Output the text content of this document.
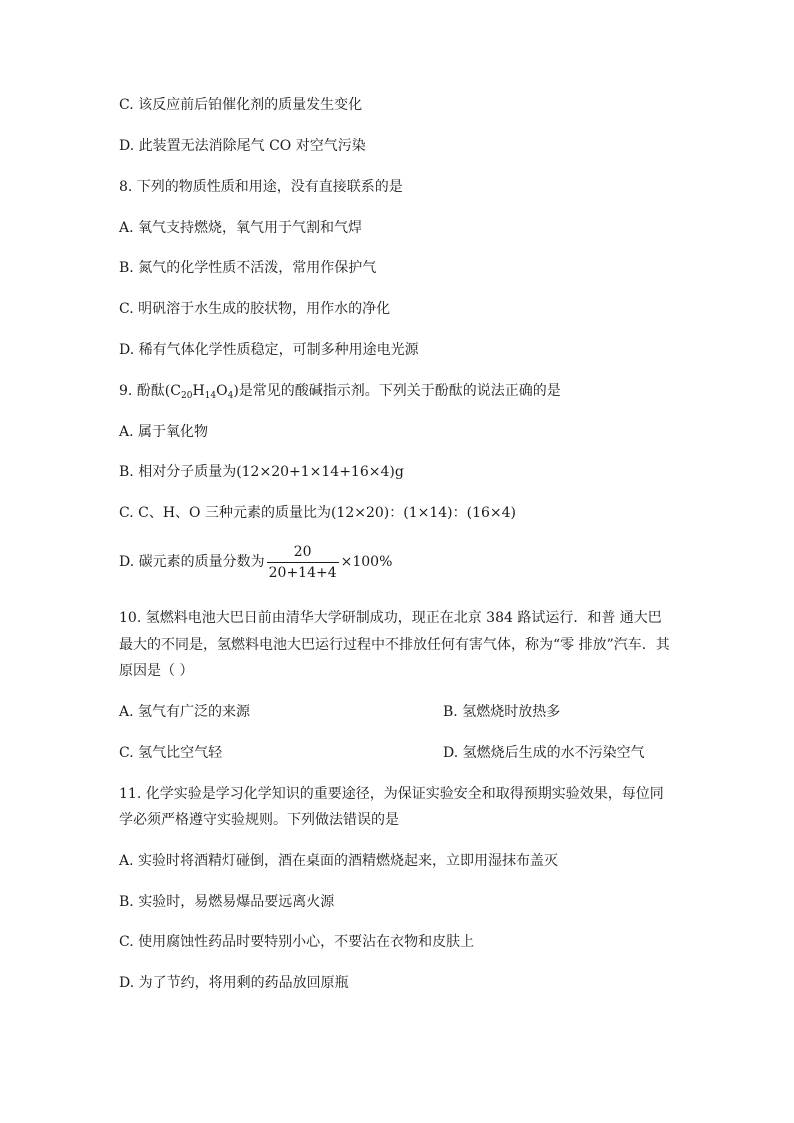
C. 该反应前后铂催化剂的质量发生变化
D. 此装置无法消除尾气 CO 对空气污染
8. 下列的物质性质和用途，没有直接联系的是
A. 氧气支持燃烧，氧气用于气割和气焊
B. 氮气的化学性质不活泼，常用作保护气
C. 明矾溶于水生成的胶状物，用作水的净化
D. 稀有气体化学性质稳定，可制多种用途电光源
9. 酚酞$(C_{20}H_{14}O_4)$是常见的酸碱指示剂。下列关于酚酞的说法正确的是
A. 属于氧化物
B. 相对分子质量为(12×20+1×14+16×4)g
C. C、H、O 三种元素的质量比为(12×20)：(1×14)：(16×4)
D. 碳元素的质量分数为 $\frac{20}{20+14+4} \times 100\%$
10. 氢燃料电池大巴日前由清华大学研制成功，现正在北京 384 路试运行．和普 通大巴
最大的不同是，氢燃料电池大巴运行过程中不排放任何有害气体，称为“零 排放”汽车．其
原因是（ ）
A. 氢气有广泛的来源	B. 氢燃烧时放热多
C. 氢气比空气轻	D. 氢燃烧后生成的水不污染空气
11. 化学实验是学习化学知识的重要途径，为保证实验安全和取得预期实验效果，每位同
学必须严格遵守实验规则。下列做法错误的是
A. 实验时将酒精灯碰倒，酒在桌面的酒精燃烧起来，立即用湿抹布盖灭
B. 实验时，易燃易爆品要远离火源
C. 使用腐蚀性药品时要特别小心，不要沾在衣物和皮肤上
D. 为了节约，将用剩的药品放回原瓶
